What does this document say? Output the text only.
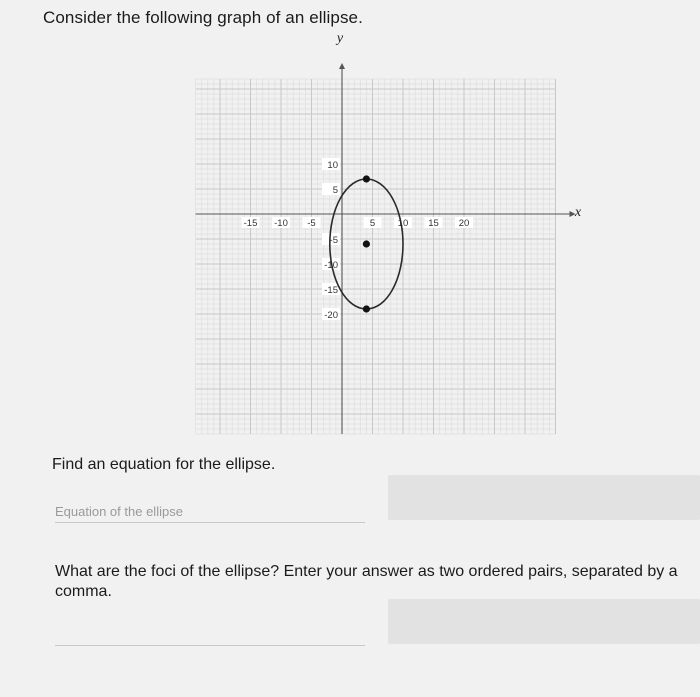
Consider the following graph of an ellipse.
-15 -10 -5	5 10 15 20
10
5
-5
-10
-15
-20
y
x
Find an equation for the ellipse.
Equation of the ellipse
What are the foci of the ellipse? Enter your answer as two ordered pairs, separated by a comma.
